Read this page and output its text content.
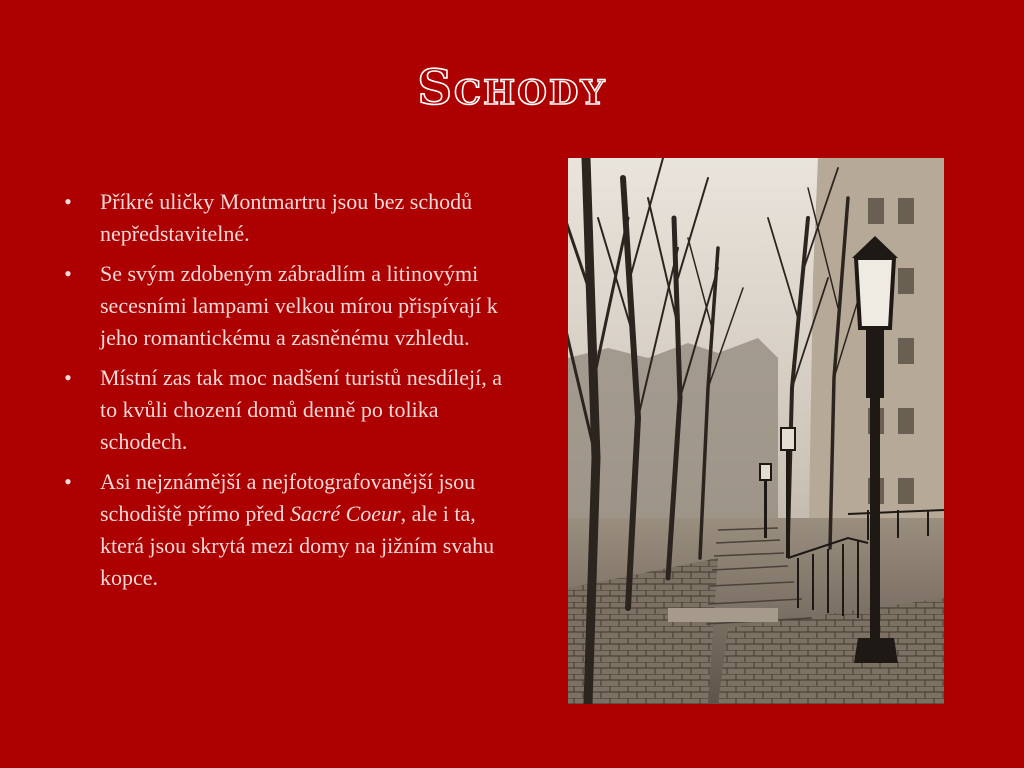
Schody
• Příkré uličky Montmartru jsou bez schodů nepředstavitelné.
• Se svým zdobeným zábradlím a litinovými secesními lampami velkou mírou přispívají k jeho romantickému a zasněnému vzhledu.
• Místní zas tak moc nadšení turistů nesdílejí, a to kvůli chození domů denně po tolika schodech.
• Asi nejznámější a nejfotografovanější jsou schodiště přímo před Sacré Coeur, ale i ta, která jsou skrytá mezi domy na jižním svahu kopce.
